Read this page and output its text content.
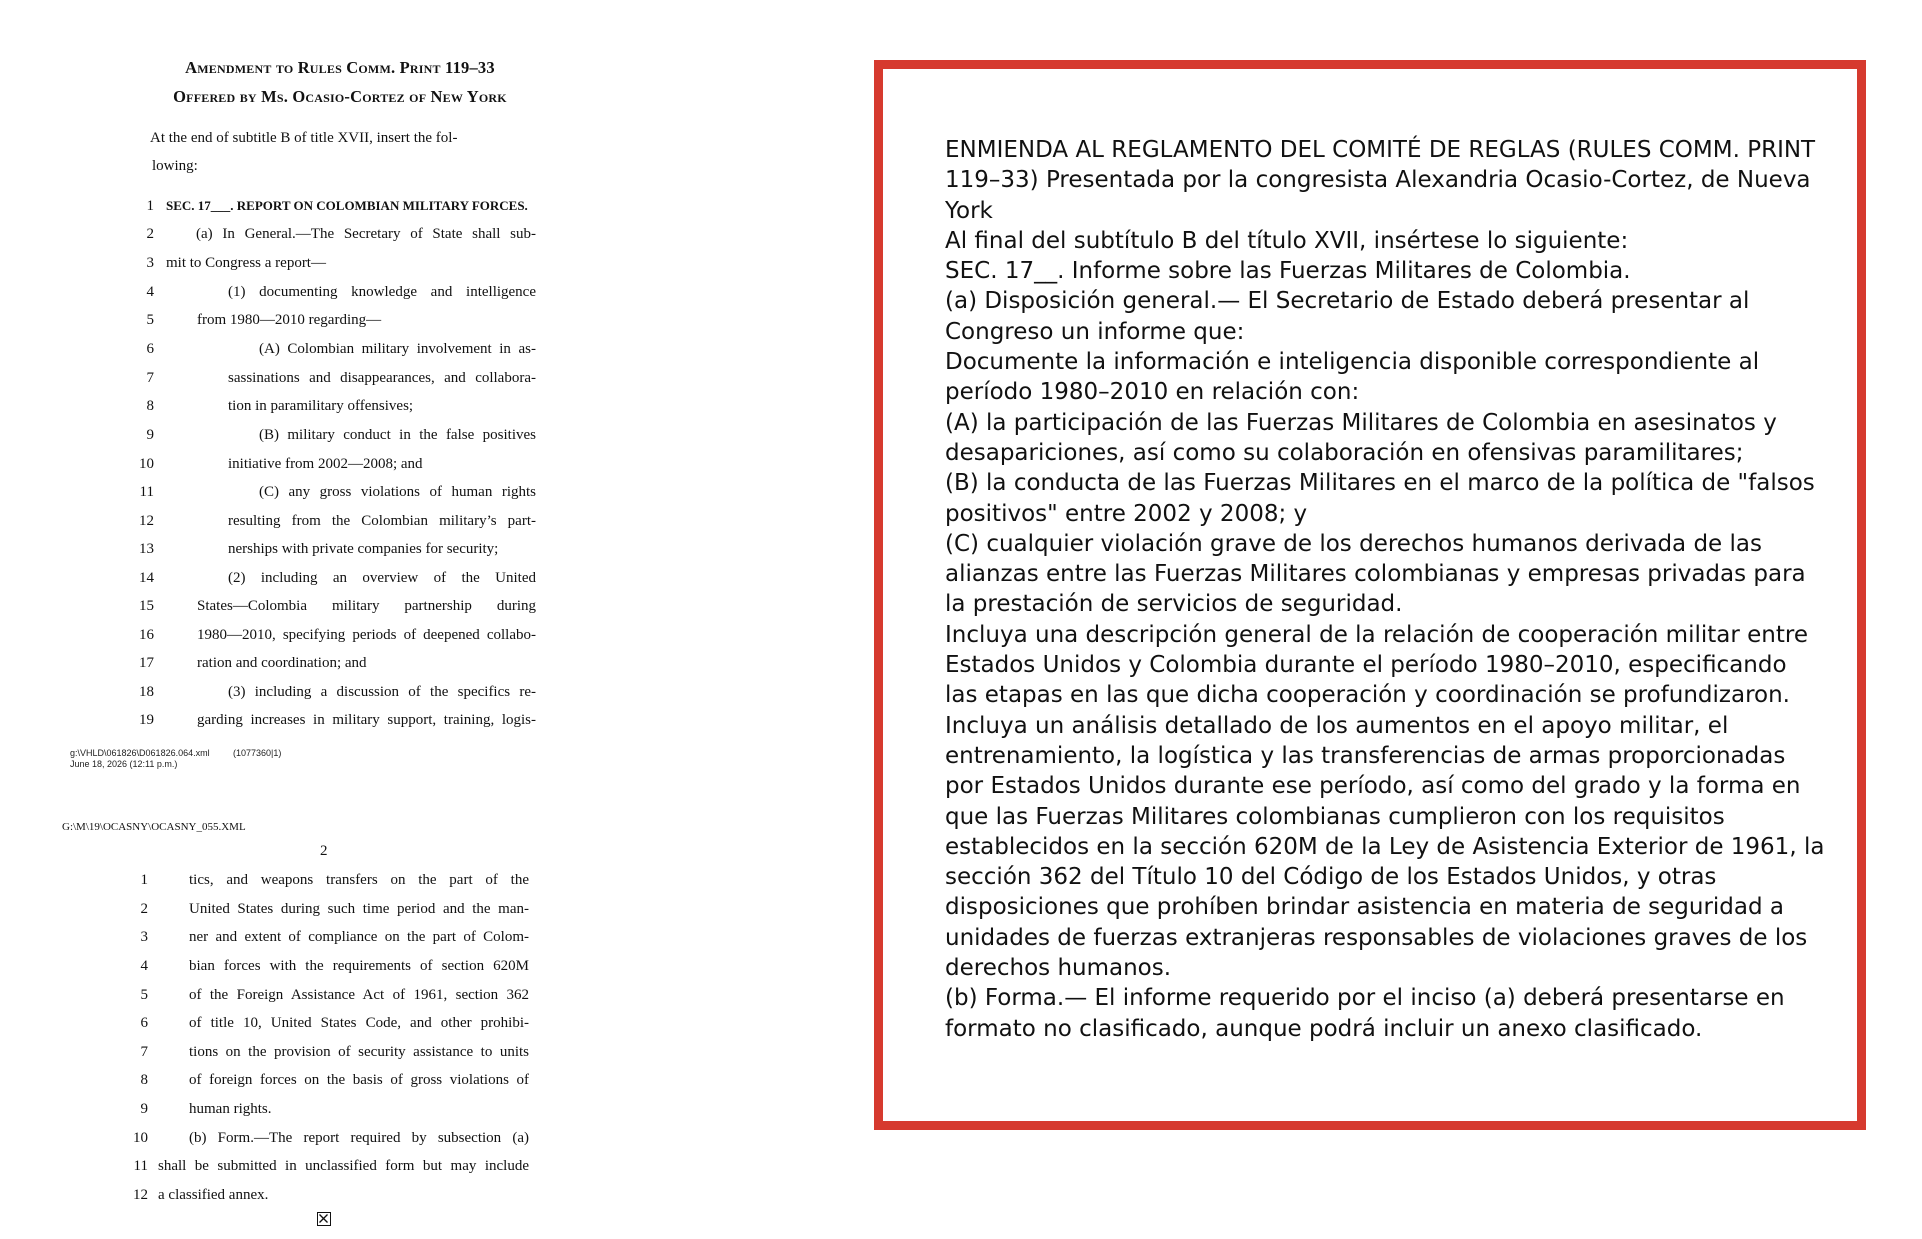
Amendment to Rules Comm. Print 119–33
Offered by Ms. Ocasio-Cortez of New York
At the end of subtitle B of title XVII, insert the fol-
lowing:
1 SEC. 17___. REPORT ON COLOMBIAN MILITARY FORCES.
2	(a) In General.—The Secretary of State shall sub-
3 mit to Congress a report—
4	(1) documenting knowledge and intelligence
5	from 1980—2010 regarding—
6	(A) Colombian military involvement in as-
7	sassinations and disappearances, and collabora-
8	tion in paramilitary offensives;
9	(B) military conduct in the false positives
10	initiative from 2002—2008; and
11	(C) any gross violations of human rights
12	resulting from the Colombian military’s part-
13	nerships with private companies for security;
14	(2) including an overview of the United
15	States—Colombia military partnership during
16	1980—2010, specifying periods of deepened collabo-
17	ration and coordination; and
18	(3) including a discussion of the specifics re-
19	garding increases in military support, training, logis-
g:\VHLD\061826\D061826.064.xml	(1077360|1)
June 18, 2026 (12:11 p.m.)
G:\M\19\OCASNY\OCASNY_055.XML
2
1	tics, and weapons transfers on the part of the
2	United States during such time period and the man-
3	ner and extent of compliance on the part of Colom-
4	bian forces with the requirements of section 620M
5	of the Foreign Assistance Act of 1961, section 362
6	of title 10, United States Code, and other prohibi-
7	tions on the provision of security assistance to units
8	of foreign forces on the basis of gross violations of
9	human rights.
10	(b) Form.—The report required by subsection (a)
11 shall be submitted in unclassified form but may include
12 a classified annex.

ENMIENDA AL REGLAMENTO DEL COMITÉ DE REGLAS (RULES COMM. PRINT 119–33) Presentada por la congresista Alexandria Ocasio-Cortez, de Nueva York

Al final del subtítulo B del título XVII, insértese lo siguiente:

SEC. 17__. Informe sobre las Fuerzas Militares de Colombia.

(a) Disposición general.— El Secretario de Estado deberá presentar al Congreso un informe que:

Documente la información e inteligencia disponible correspondiente al período 1980–2010 en relación con:

(A) la participación de las Fuerzas Militares de Colombia en asesinatos y desapariciones, así como su colaboración en ofensivas paramilitares;

(B) la conducta de las Fuerzas Militares en el marco de la política de "falsos positivos" entre 2002 y 2008; y

(C) cualquier violación grave de los derechos humanos derivada de las alianzas entre las Fuerzas Militares colombianas y empresas privadas para la prestación de servicios de seguridad.

Incluya una descripción general de la relación de cooperación militar entre Estados Unidos y Colombia durante el período 1980–2010, especificando las etapas en las que dicha cooperación y coordinación se profundizaron.

Incluya un análisis detallado de los aumentos en el apoyo militar, el entrenamiento, la logística y las transferencias de armas proporcionadas por Estados Unidos durante ese período, así como del grado y la forma en que las Fuerzas Militares colombianas cumplieron con los requisitos establecidos en la sección 620M de la Ley de Asistencia Exterior de 1961, la sección 362 del Título 10 del Código de los Estados Unidos, y otras disposiciones que prohíben brindar asistencia en materia de seguridad a unidades de fuerzas extranjeras responsables de violaciones graves de los derechos humanos.

(b) Forma.— El informe requerido por el inciso (a) deberá presentarse en formato no clasificado, aunque podrá incluir un anexo clasificado.
